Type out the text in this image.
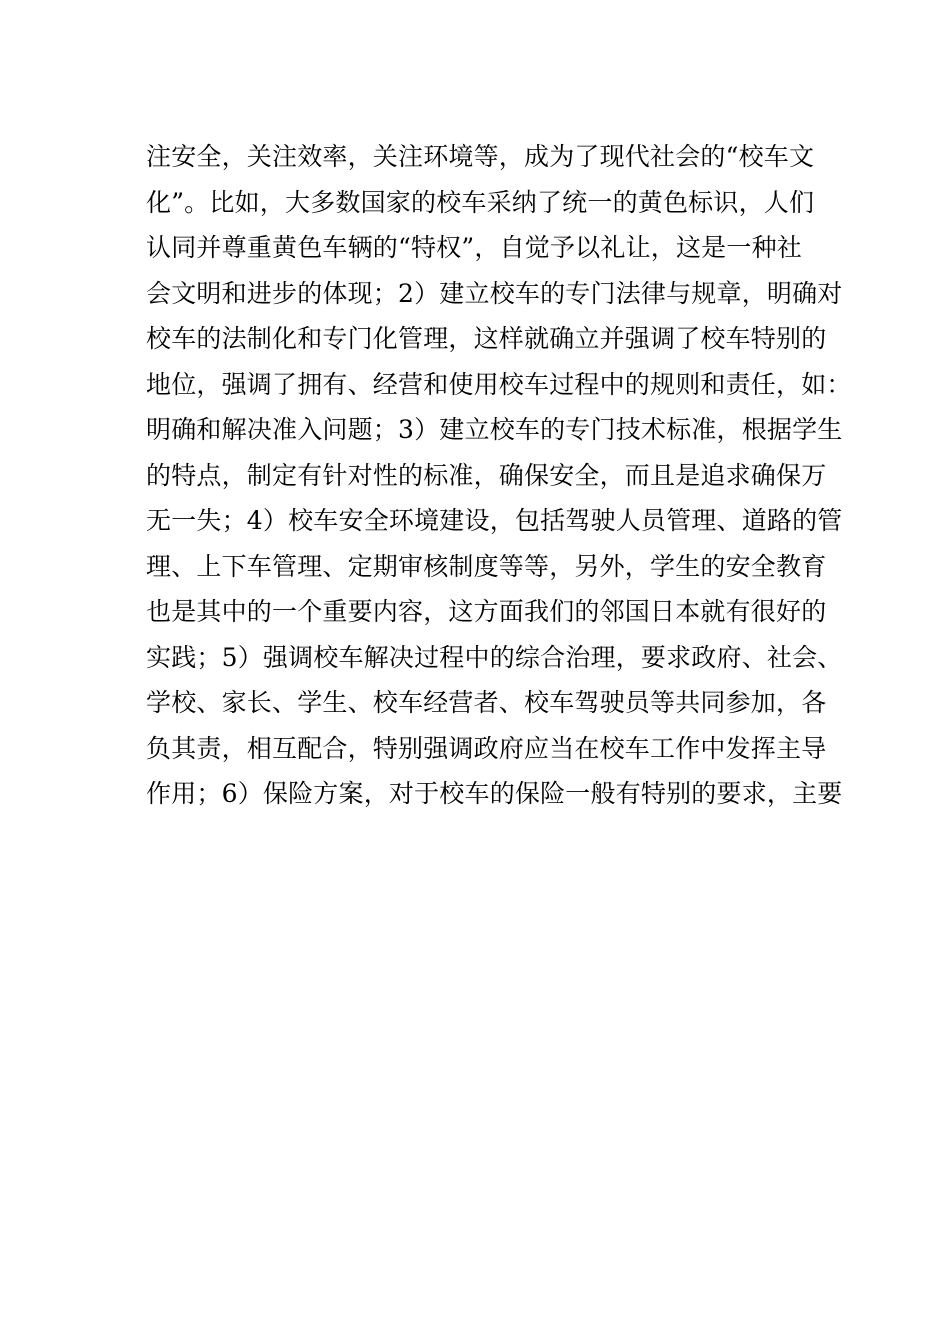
注安全，关注效率，关注环境等，成为了现代社会的“校车文
化”。比如，大多数国家的校车采纳了统一的黄色标识，人们
认同并尊重黄色车辆的“特权”，自觉予以礼让，这是一种社
会文明和进步的体现；2）建立校车的专门法律与规章，明确对
校车的法制化和专门化管理，这样就确立并强调了校车特别的
地位，强调了拥有、经营和使用校车过程中的规则和责任，如：
明确和解决准入问题；3）建立校车的专门技术标准，根据学生
的特点，制定有针对性的标准，确保安全，而且是追求确保万
无一失；4）校车安全环境建设，包括驾驶人员管理、道路的管
理、上下车管理、定期审核制度等等，另外，学生的安全教育
也是其中的一个重要内容，这方面我们的邻国日本就有很好的
实践；5）强调校车解决过程中的综合治理，要求政府、社会、
学校、家长、学生、校车经营者、校车驾驶员等共同参加，各
负其责，相互配合，特别强调政府应当在校车工作中发挥主导
作用；6）保险方案，对于校车的保险一般有特别的要求，主要
